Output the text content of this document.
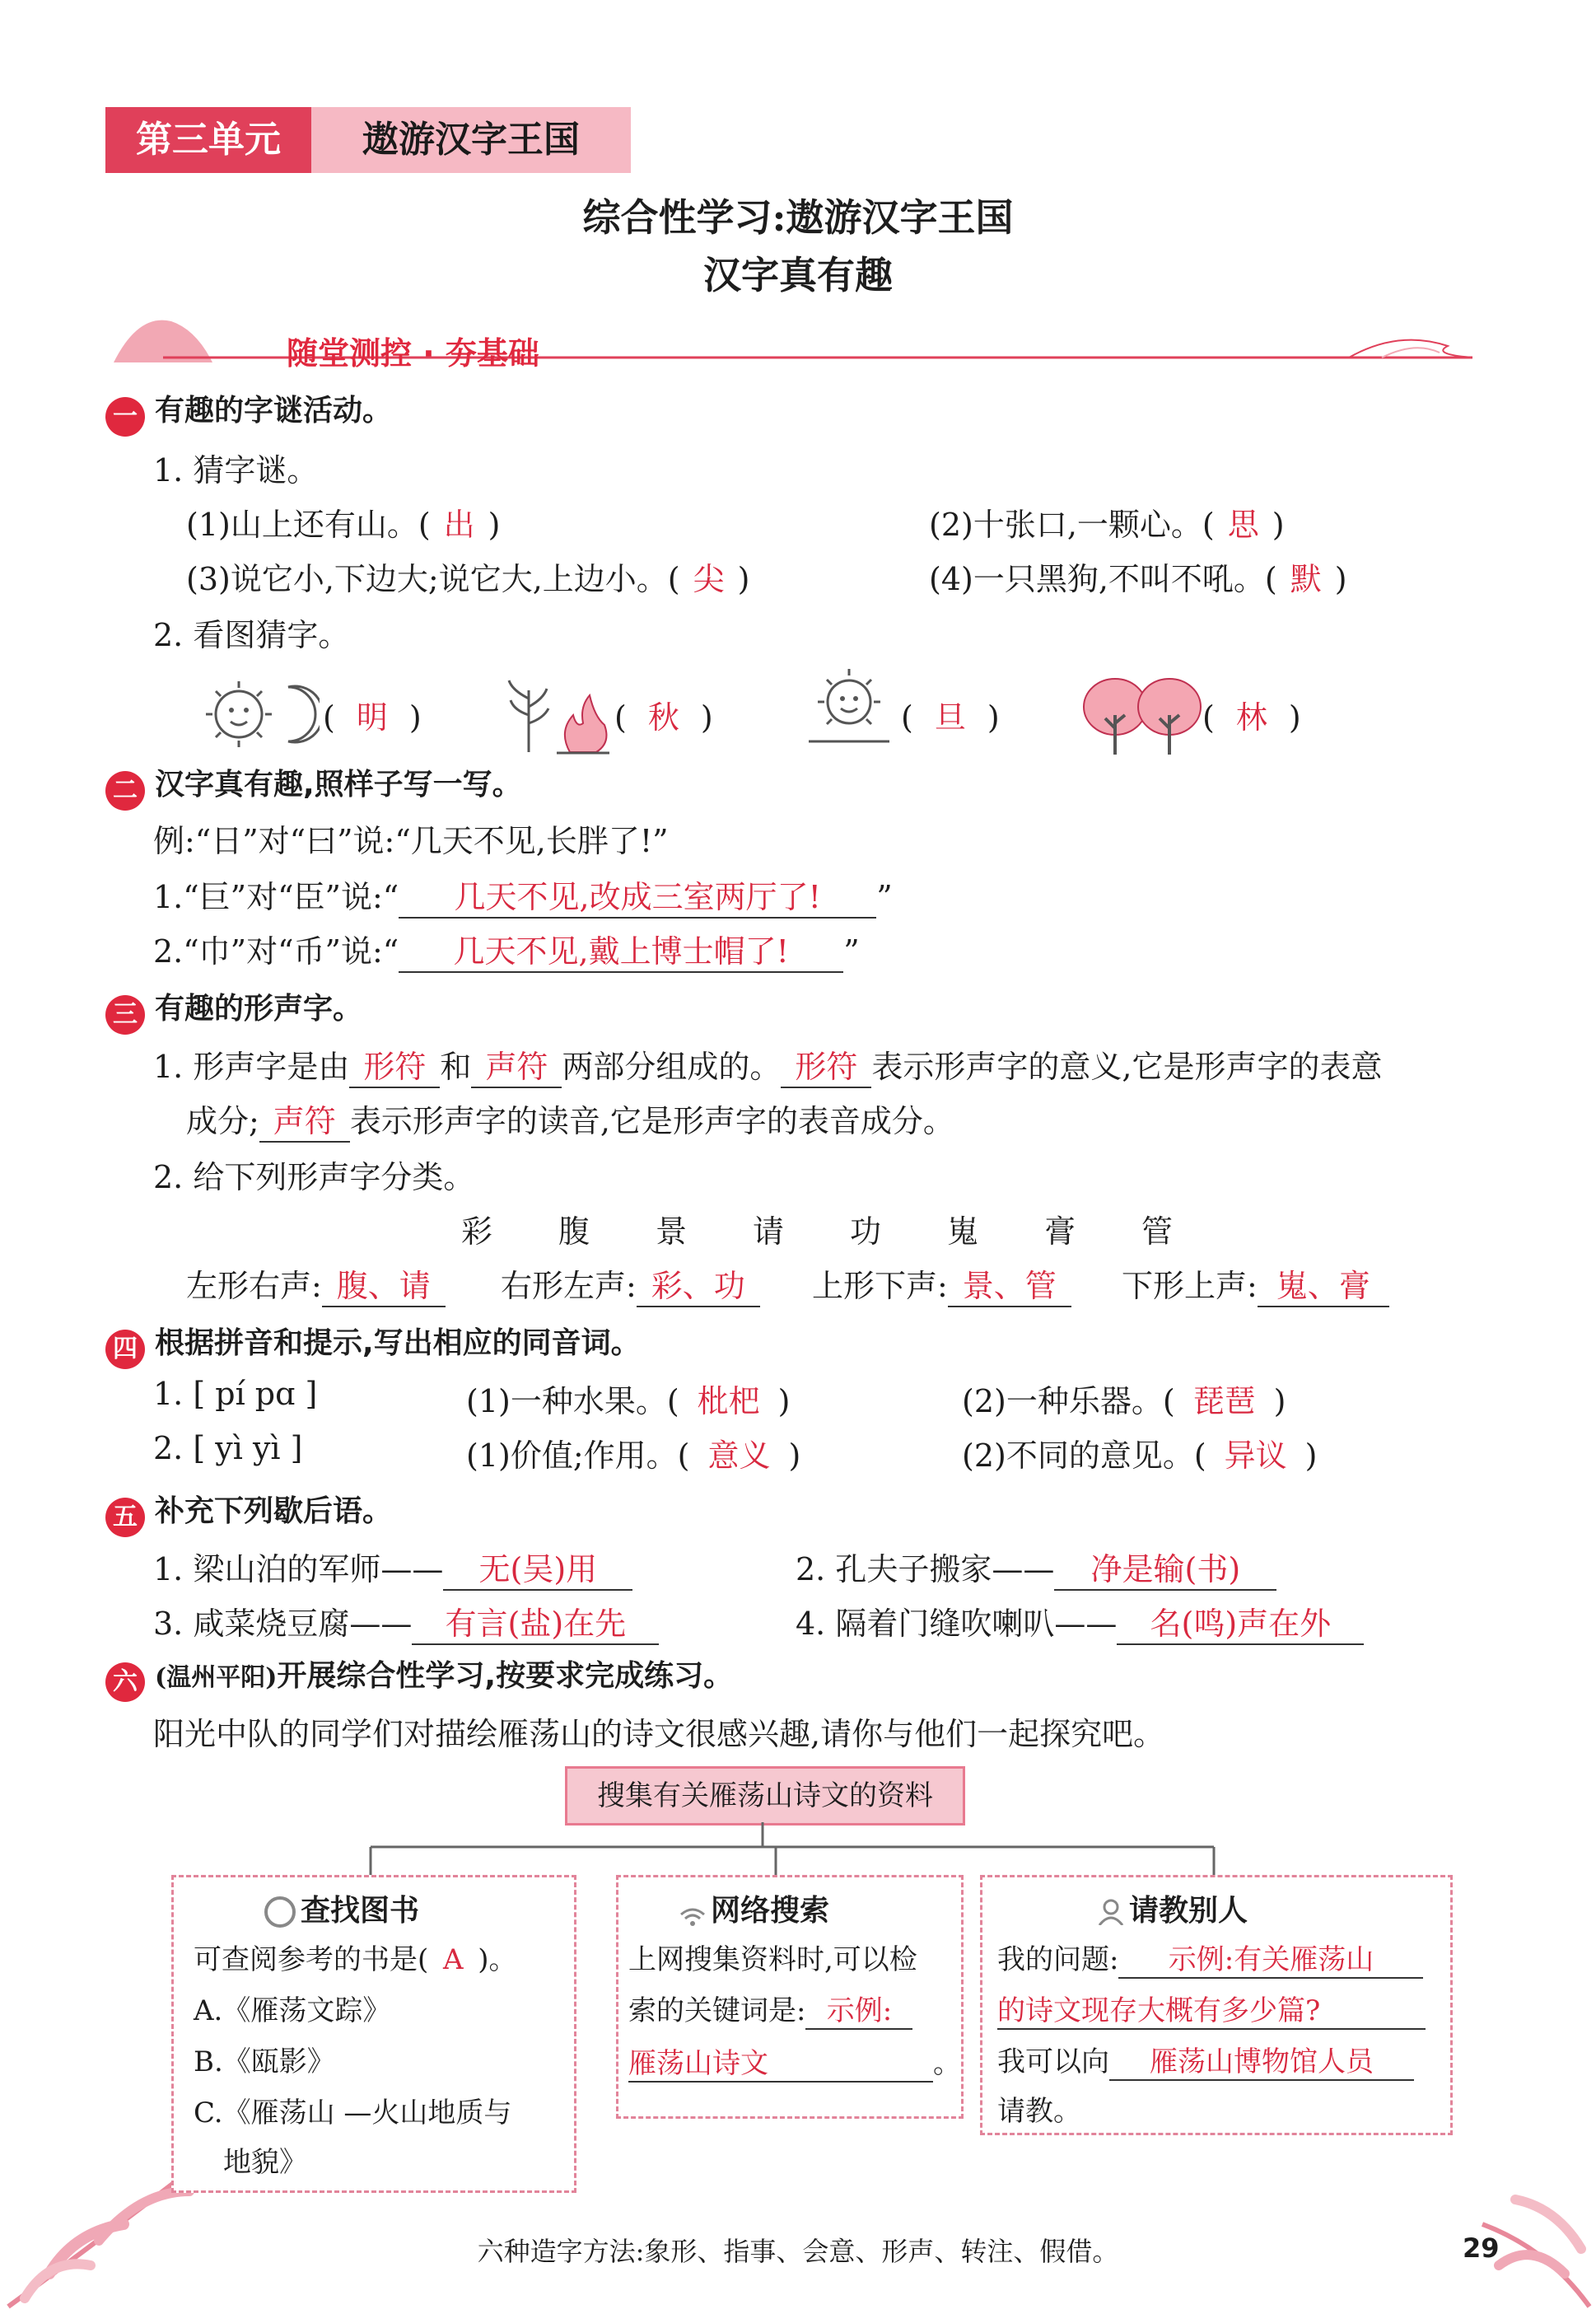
第三单元	遨游汉字王国
综合性学习:遨游汉字王国
汉字真有趣
随堂测控 · 夯基础
一 有趣的字谜活动。
1. 猜字谜。
(1)山上还有山。( 出 )	(2)十张口,一颗心。( 思 )
(3)说它小,下边大;说它大,上边小。( 尖 )	(4)一只黑狗,不叫不吼。( 默 )
2. 看图猜字。
( 明 )	( 秋 )	( 旦 )	( 林 )
二 汉字真有趣,照样子写一写。
例:“日”对“曰”说:“几天不见,长胖了!”
1.“巨”对“臣”说:“ 几天不见,改成三室两厅了! ”
2.“巾”对“币”说:“ 几天不见,戴上博士帽了! ”
三 有趣的形声字。
1. 形声字是由 形符 和 声符 两部分组成的。 形符 表示形声字的意义,它是形声字的表意
成分; 声符 表示形声字的读音,它是形声字的表音成分。
2. 给下列形声字分类。
彩 腹 景 请 功 嵬 膏 管
左形右声: 腹、请	右形左声: 彩、功	上形下声: 景、管	下形上声: 嵬、膏
四 根据拼音和提示,写出相应的同音词。
1. [ pí pɑ ]	(1)一种水果。( 枇杷 )	(2)一种乐器。( 琵琶 )
2. [ yì yì ]	(1)价值;作用。( 意义 )	(2)不同的意见。( 异议 )
五 补充下列歇后语。
1. 梁山泊的军师—— 无(吴)用	2. 孔夫子搬家—— 净是输(书)
3. 咸菜烧豆腐—— 有言(盐)在先	4. 隔着门缝吹喇叭—— 名(鸣)声在外
六 (温州平阳)开展综合性学习,按要求完成练习。
阳光中队的同学们对描绘雁荡山的诗文很感兴趣,请你与他们一起探究吧。
搜集有关雁荡山诗文的资料
查找图书
可查阅参考的书是( A )。
A.《雁荡文踪》
B.《瓯影》
C.《雁荡山 —火山地质与
地貌》
网络搜索
上网搜集资料时,可以检
索的关键词是: 示例:
雁荡山诗文	。
请教别人
我的问题: 示例:有关雁荡山
的诗文现存大概有多少篇?
我可以向 雁荡山博物馆人员
请教。
六种造字方法:象形、指事、会意、形声、转注、假借。	29
